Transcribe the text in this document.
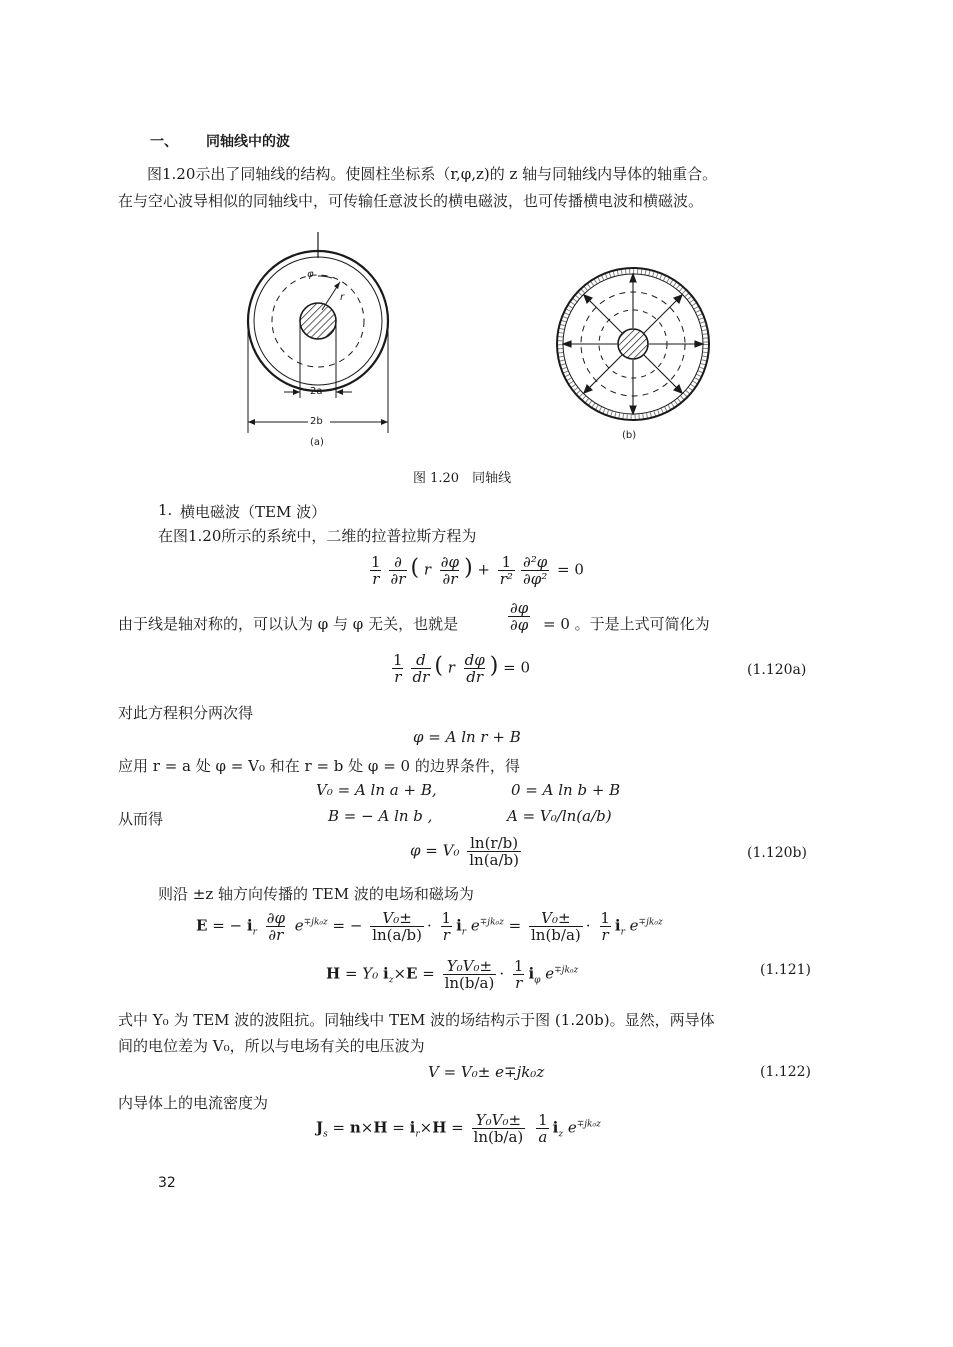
一、 同轴线中的波
图1.20示出了同轴线的结构。使圆柱坐标系（r,φ,z)的 z 轴与同轴线内导体的轴重合。
在与空心波导相似的同轴线中，可传输任意波长的横电磁波，也可传播横电波和横磁波。
φ
r
2a
2b
(a)
(b)
图 1.20　同轴线
1. 横电磁波（TEM 波）
在图1.20所示的系统中，二维的拉普拉斯方程为
$\frac{1}{r} \frac{\partial}{\partial r}$ ( r $\frac{\partial\varphi}{\partial r}$ ) + $\frac{1}{\text{r²}} \frac{\text{∂²φ}}{\text{∂φ²}} = 0$
由于线是轴对称的，可以认为 φ 与 φ 无关，也就是	$\frac{\partial\varphi}{\partial\varphi} = 0$ 。于是上式可简化为
$\frac{1}{r} \frac{d}{dr}$ ( r $\frac{d\varphi}{dr}$ ) = 0	(1.120a)
对此方程积分两次得
φ = A ln r + B
应用 r = a 处 φ = V₀ 和在 r = b 处 φ = 0 的边界条件，得
V₀ = A ln a + B,	0 = A ln b + B
从而得	B = − A ln b ,	A = V₀/ln(a/b)
$\varphi = V_0 \frac{\ln(r/b)}{\ln(a/b)}$	(1.120b)
则沿 ±z 轴方向传播的 TEM 波的电场和磁场为
E = − $i_r \frac{\partial\varphi}{\partial r} e^{\mp jk_0z}$ = − $\frac{\text{V₀±}}{\ln(a/b)} \cdot \frac{1}{r} i_r$ $e^{\mp jk_0z} = \frac{\text{V₀±}}{\ln(b/a)} \cdot \frac{1}{r} i_r$ $e^{\mp jk_0z}$
H = Y₀ $i_z\times E = \frac{\text{Y₀V₀±}}{\ln(b/a)} \cdot \frac{1}{r} i_\varphi$ $e^{\mp jk_0z}$	(1.121)
式中 Y₀ 为 TEM 波的波阻抗。同轴线中 TEM 波的场结构示于图 (1.20b)。显然，两导体
间的电位差为 V₀，所以与电场有关的电压波为
V = V₀± e∓jk₀z	(1.122)
内导体上的电流密度为
$J_s = n\times H = i_r\times H = \frac{\text{Y₀V₀±}}{\ln(b/a)}$
$\frac{1}{a} i_z$ $e^{\mp jk_0z}$
32
